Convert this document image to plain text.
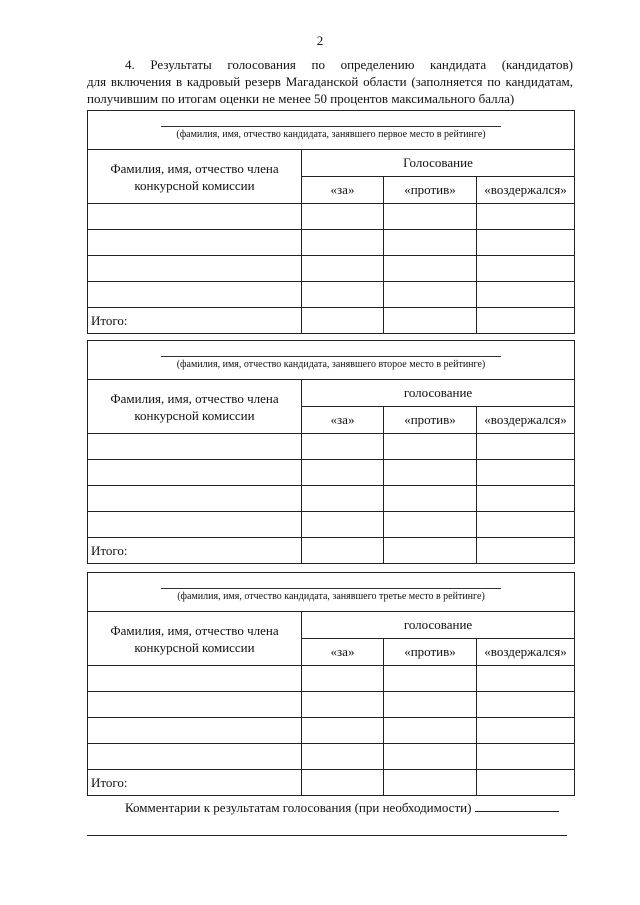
2

4. Результаты голосования по определению кандидата (кандидатов)

для включения в кадровый резерв Магаданской области (заполняется по кандидатам,

получившим по итогам оценки не менее 50 процентов максимального балла)

(фамилия, имя, отчество кандидата, занявшего первое место в рейтинге)			

Фамилия, имя, отчество члена конкурсной комиссии	Голосование		
	«за»	«против»	«воздержался»

Итого:			
(фамилия, имя, отчество кандидата, занявшего второе место в рейтинге)			

Фамилия, имя, отчество члена конкурсной комиссии	голосование		
	«за»	«против»	«воздержался»

Итого:			
(фамилия, имя, отчество кандидата, занявшего третье место в рейтинге)			

Фамилия, имя, отчество члена конкурсной комиссии	голосование		
	«за»	«против»	«воздержался»

Итого:			
Комментарии к результатам голосования (при необходимости)
